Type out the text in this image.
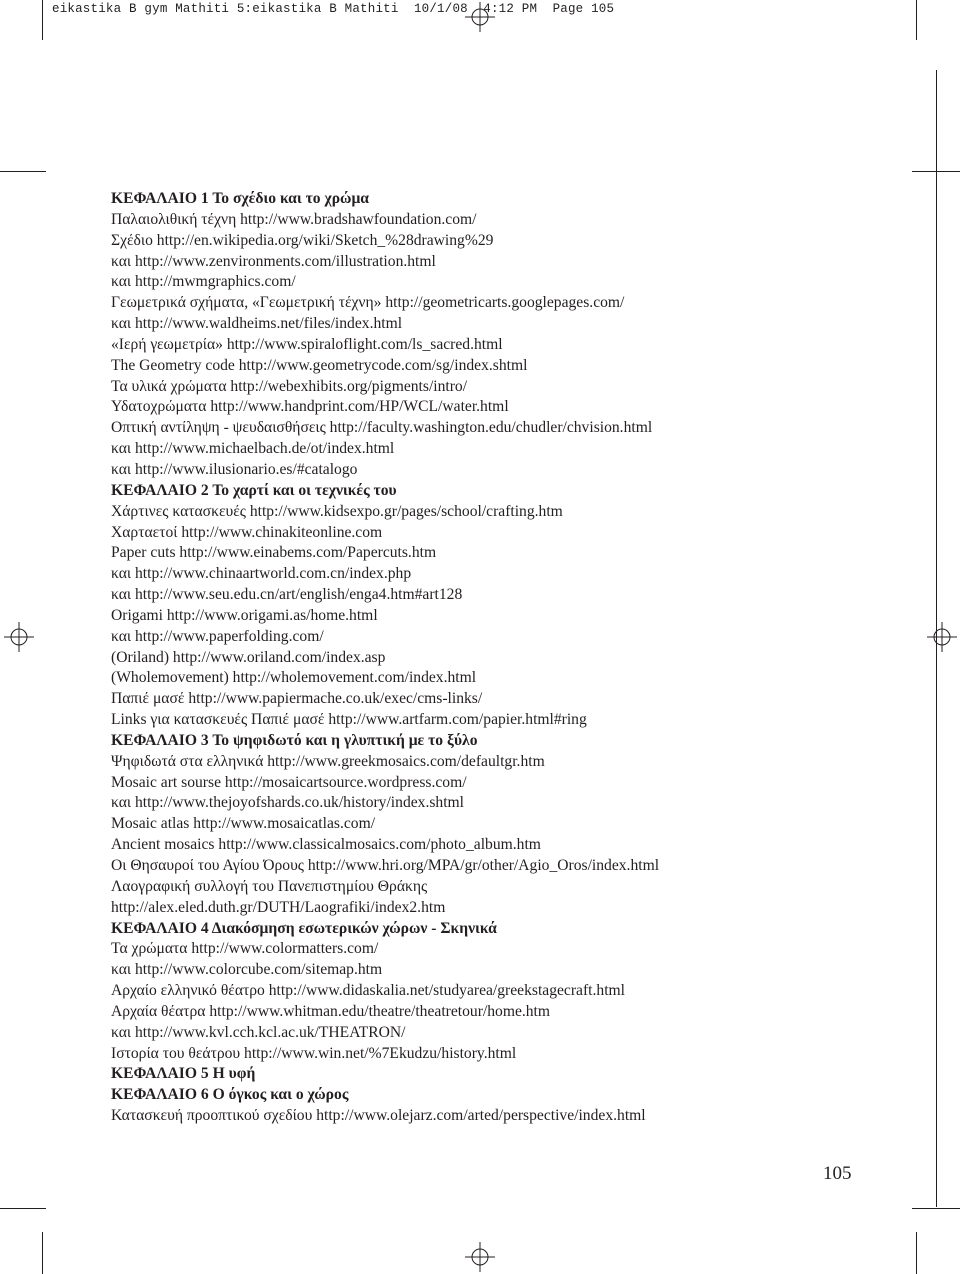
eikastika B gym Mathiti 5:eikastika B Mathiti  10/1/08  4:12 PM  Page 105
ΚΕΦΑΛΑΙΟ 1 Το σχέδιο και το χρώμα
Παλαιολιθική τέχνη http://www.bradshawfoundation.com/
Σχέδιο http://en.wikipedia.org/wiki/Sketch_%28drawing%29
και http://www.zenvironments.com/illustration.html
και http://mwmgraphics.com/
Γεωμετρικά σχήματα, «Γεωμετρική τέχνη» http://geometricarts.googlepages.com/
και http://www.waldheims.net/files/index.html
«Ιερή γεωμετρία» http://www.spiraloflight.com/ls_sacred.html
The Geometry code http://www.geometrycode.com/sg/index.shtml
Τα υλικά χρώματα http://webexhibits.org/pigments/intro/
Υδατοχρώματα http://www.handprint.com/HP/WCL/water.html
Οπτική αντίληψη - ψευδαισθήσεις http://faculty.washington.edu/chudler/chvision.html
και http://www.michaelbach.de/ot/index.html
και http://www.ilusionario.es/#catalogo
ΚΕΦΑΛΑΙΟ 2 Το χαρτί και οι τεχνικές του
Χάρτινες κατασκευές http://www.kidsexpo.gr/pages/school/crafting.htm
Χαρταετοί http://www.chinakiteonline.com
Paper cuts http://www.einabems.com/Papercuts.htm
και http://www.chinaartworld.com.cn/index.php
και http://www.seu.edu.cn/art/english/enga4.htm#art128
Origami http://www.origami.as/home.html
και http://www.paperfolding.com/
(Oriland) http://www.oriland.com/index.asp
(Wholemovement) http://wholemovement.com/index.html
Παπιέ μασέ http://www.papiermache.co.uk/exec/cms-links/
Links για κατασκευές Παπιέ μασέ http://www.artfarm.com/papier.html#ring
ΚΕΦΑΛΑΙΟ 3 Το ψηφιδωτό και η γλυπτική με το ξύλο
Ψηφιδωτά στα ελληνικά http://www.greekmosaics.com/defaultgr.htm
Mosaic art sourse http://mosaicartsource.wordpress.com/
και http://www.thejoyofshards.co.uk/history/index.shtml
Mosaic atlas http://www.mosaicatlas.com/
Ancient mosaics http://www.classicalmosaics.com/photo_album.htm
Οι Θησαυροί του Αγίου Όρους http://www.hri.org/MPA/gr/other/Agio_Oros/index.html
Λαογραφική συλλογή του Πανεπιστημίου Θράκης
http://alex.eled.duth.gr/DUTH/Laografiki/index2.htm
ΚΕΦΑΛΑΙΟ 4 Διακόσμηση εσωτερικών χώρων - Σκηνικά
Τα χρώματα http://www.colormatters.com/
και http://www.colorcube.com/sitemap.htm
Αρχαίο ελληνικό θέατρο http://www.didaskalia.net/studyarea/greekstagecraft.html
Αρχαία θέατρα http://www.whitman.edu/theatre/theatretour/home.htm
και http://www.kvl.cch.kcl.ac.uk/THEATRON/
Ιστορία του θεάτρου http://www.win.net/%7Ekudzu/history.html
ΚΕΦΑΛΑΙΟ 5 Η υφή
ΚΕΦΑΛΑΙΟ 6 Ο όγκος και ο χώρος
Κατασκευή προοπτικού σχεδίου http://www.olejarz.com/arted/perspective/index.html
105
